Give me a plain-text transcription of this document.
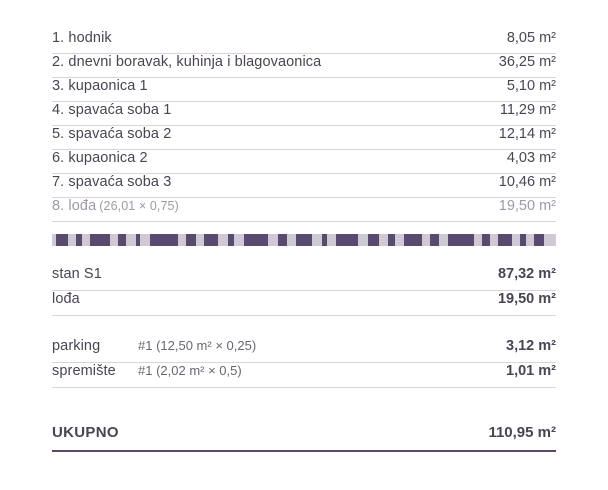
1. hodnik	8,05 m²
2. dnevni boravak, kuhinja i blagovaonica	36,25 m²
3. kupaonica 1	5,10 m²
4. spavaća soba 1	11,29 m²
5. spavaća soba 2	12,14 m²
6. kupaonica 2	4,03 m²
7. spavaća soba 3	10,46 m²
8. lođa (26,01 × 0,75)	19,50 m²
stan S1	87,32 m²
lođa	19,50 m²
parking	#1 (12,50 m² × 0,25)	3,12 m²
spremište	#1 (2,02 m² × 0,5)	1,01 m²
UKUPNO	110,95 m²
